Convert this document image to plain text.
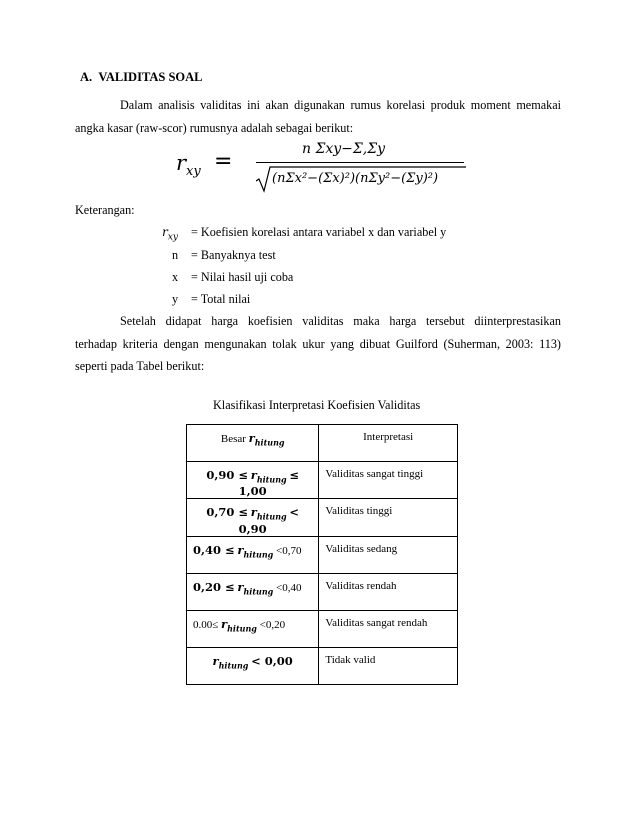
A. VALIDITAS SOAL
Dalam analisis validitas ini akan digunakan rumus korelasi produk moment memakai
angka kasar (raw-scor) rumusnya adalah sebagai berikut:
$r_{xy}$ =	n Σxy−Σ,Σy
(nΣx²−(Σx)²)(nΣy²−(Σy)²)
Keterangan:
$r_{xy}$ = Koefisien korelasi antara variabel x dan variabel y
n = Banyaknya test
x = Nilai hasil uji coba
y = Total nilai
Setelah didapat harga koefisien validitas maka harga tersebut diinterprestasikan
terhadap kriteria dengan mengunakan tolak ukur yang dibuat Guilford (Suherman, 2003: 113)
seperti pada Tabel berikut:
Klasifikasi Interpretasi Koefisien Validitas
Besar $r_{hitung}$	Interpretasi
$0,90 \le r_{hitung} \le 1,00$	Validitas sangat tinggi
$0,70 \le r_{hitung} < 0,90$	Validitas tinggi
$0,40 \le r_{hitung} <0,70$	Validitas sedang
$0,20 \le r_{hitung} <0,40$	Validitas rendah
$0.00\le r_{hitung} <0,20$	Validitas sangat rendah
$r_{hitung} < 0,00$	Tidak valid
